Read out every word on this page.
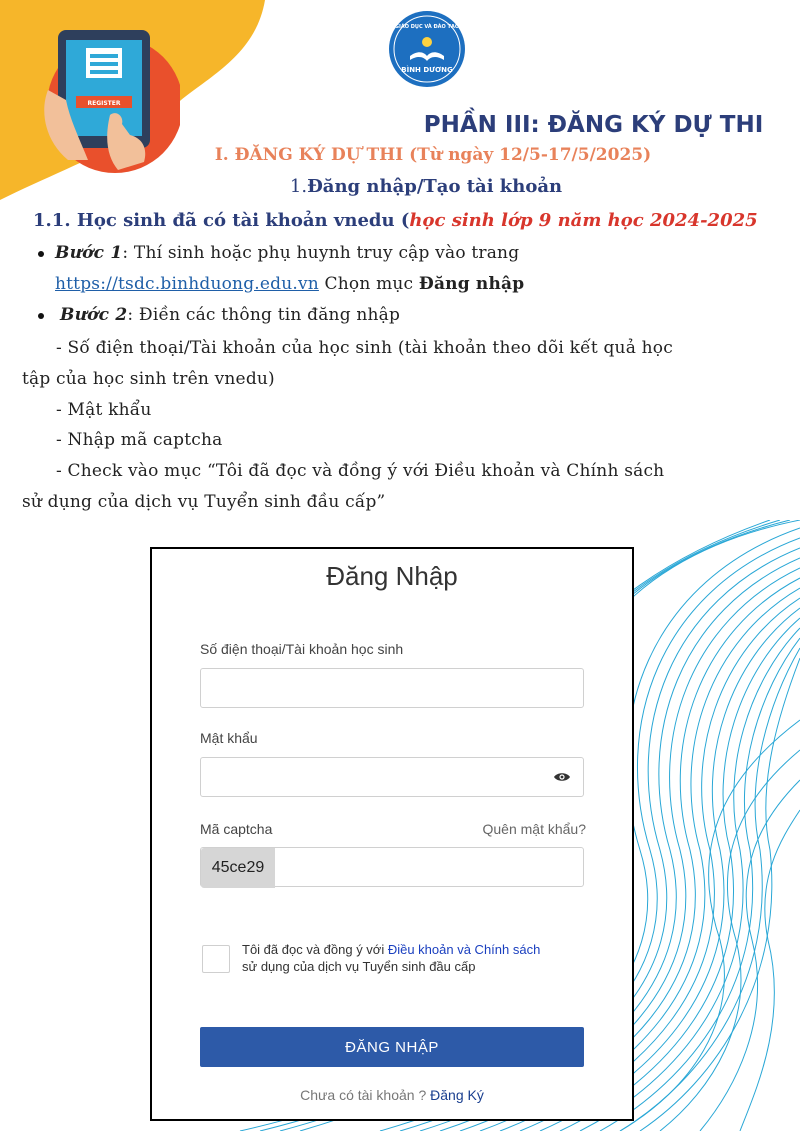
REGISTER
GIÁO DỤC VÀ ĐÀO TẠO
BÌNH DƯƠNG
PHẦN III: ĐĂNG KÝ DỰ THI
I. ĐĂNG KÝ DỰ THI (Từ ngày 12/5-17/5/2025)
1.Đăng nhập/Tạo tài khoản
1.1. Học sinh đã có tài khoản vnedu (học sinh lớp 9 năm học 2024-2025
Bước 1: Thí sinh hoặc phụ huynh truy cập vào trang
https://tsdc.binhduong.edu.vn Chọn mục Đăng nhập
Bước 2: Điền các thông tin đăng nhập
- Số điện thoại/Tài khoản của học sinh (tài khoản theo dõi kết quả học
tập của học sinh trên vnedu)
- Mật khẩu
- Nhập mã captcha
- Check vào mục “Tôi đã đọc và đồng ý với Điều khoản và Chính sách
sử dụng của dịch vụ Tuyển sinh đầu cấp”
Đăng Nhập
Số điện thoại/Tài khoản học sinh
Mật khẩu
Mã captcha	Quên mật khẩu?
45ce29
Tôi đã đọc và đồng ý với Điều khoản và Chính sách
sử dụng của dịch vụ Tuyển sinh đầu cấp
ĐĂNG NHẬP
Chưa có tài khoản ? Đăng Ký
